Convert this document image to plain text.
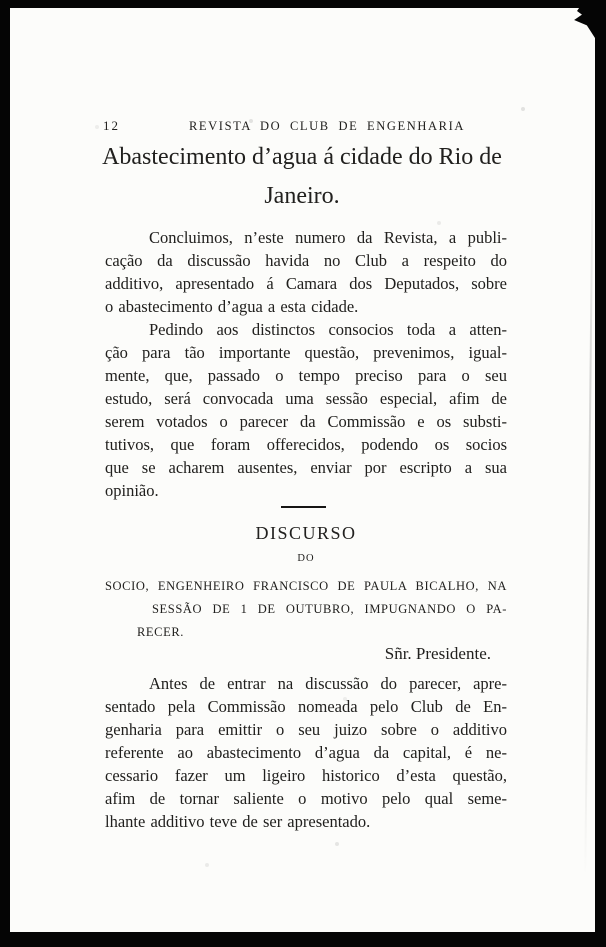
12	REVISTA DO CLUB DE ENGENHARIA
Abastecimento d’agua á cidade do Rio de
Janeiro.
Concluimos, n’este numero da Revista, a publi-
cação da discussão havida no Club a respeito do
additivo, apresentado á Camara dos Deputados, sobre
o abastecimento d’agua a esta cidade.
Pedindo aos distinctos consocios toda a atten-
ção para tão importante questão, prevenimos, igual-
mente, que, passado o tempo preciso para o seu
estudo, será convocada uma sessão especial, afim de
serem votados o parecer da Commissão e os substi-
tutivos, que foram offerecidos, podendo os socios
que se acharem ausentes, enviar por escripto a sua
opinião.
DISCURSO
DO
SOCIO, ENGENHEIRO FRANCISCO DE PAULA BICALHO, NA
SESSÃO DE 1 DE OUTUBRO, IMPUGNANDO O PA-
RECER.
Sñr. Presidente.
Antes de entrar na discussão do parecer, apre-
sentado pela Commissão nomeada pelo Club de En-
genharia para emittir o seu juizo sobre o additivo
referente ao abastecimento d’agua da capital, é ne-
cessario fazer um ligeiro historico d’esta questão,
afim de tornar saliente o motivo pelo qual seme-
lhante additivo teve de ser apresentado.
